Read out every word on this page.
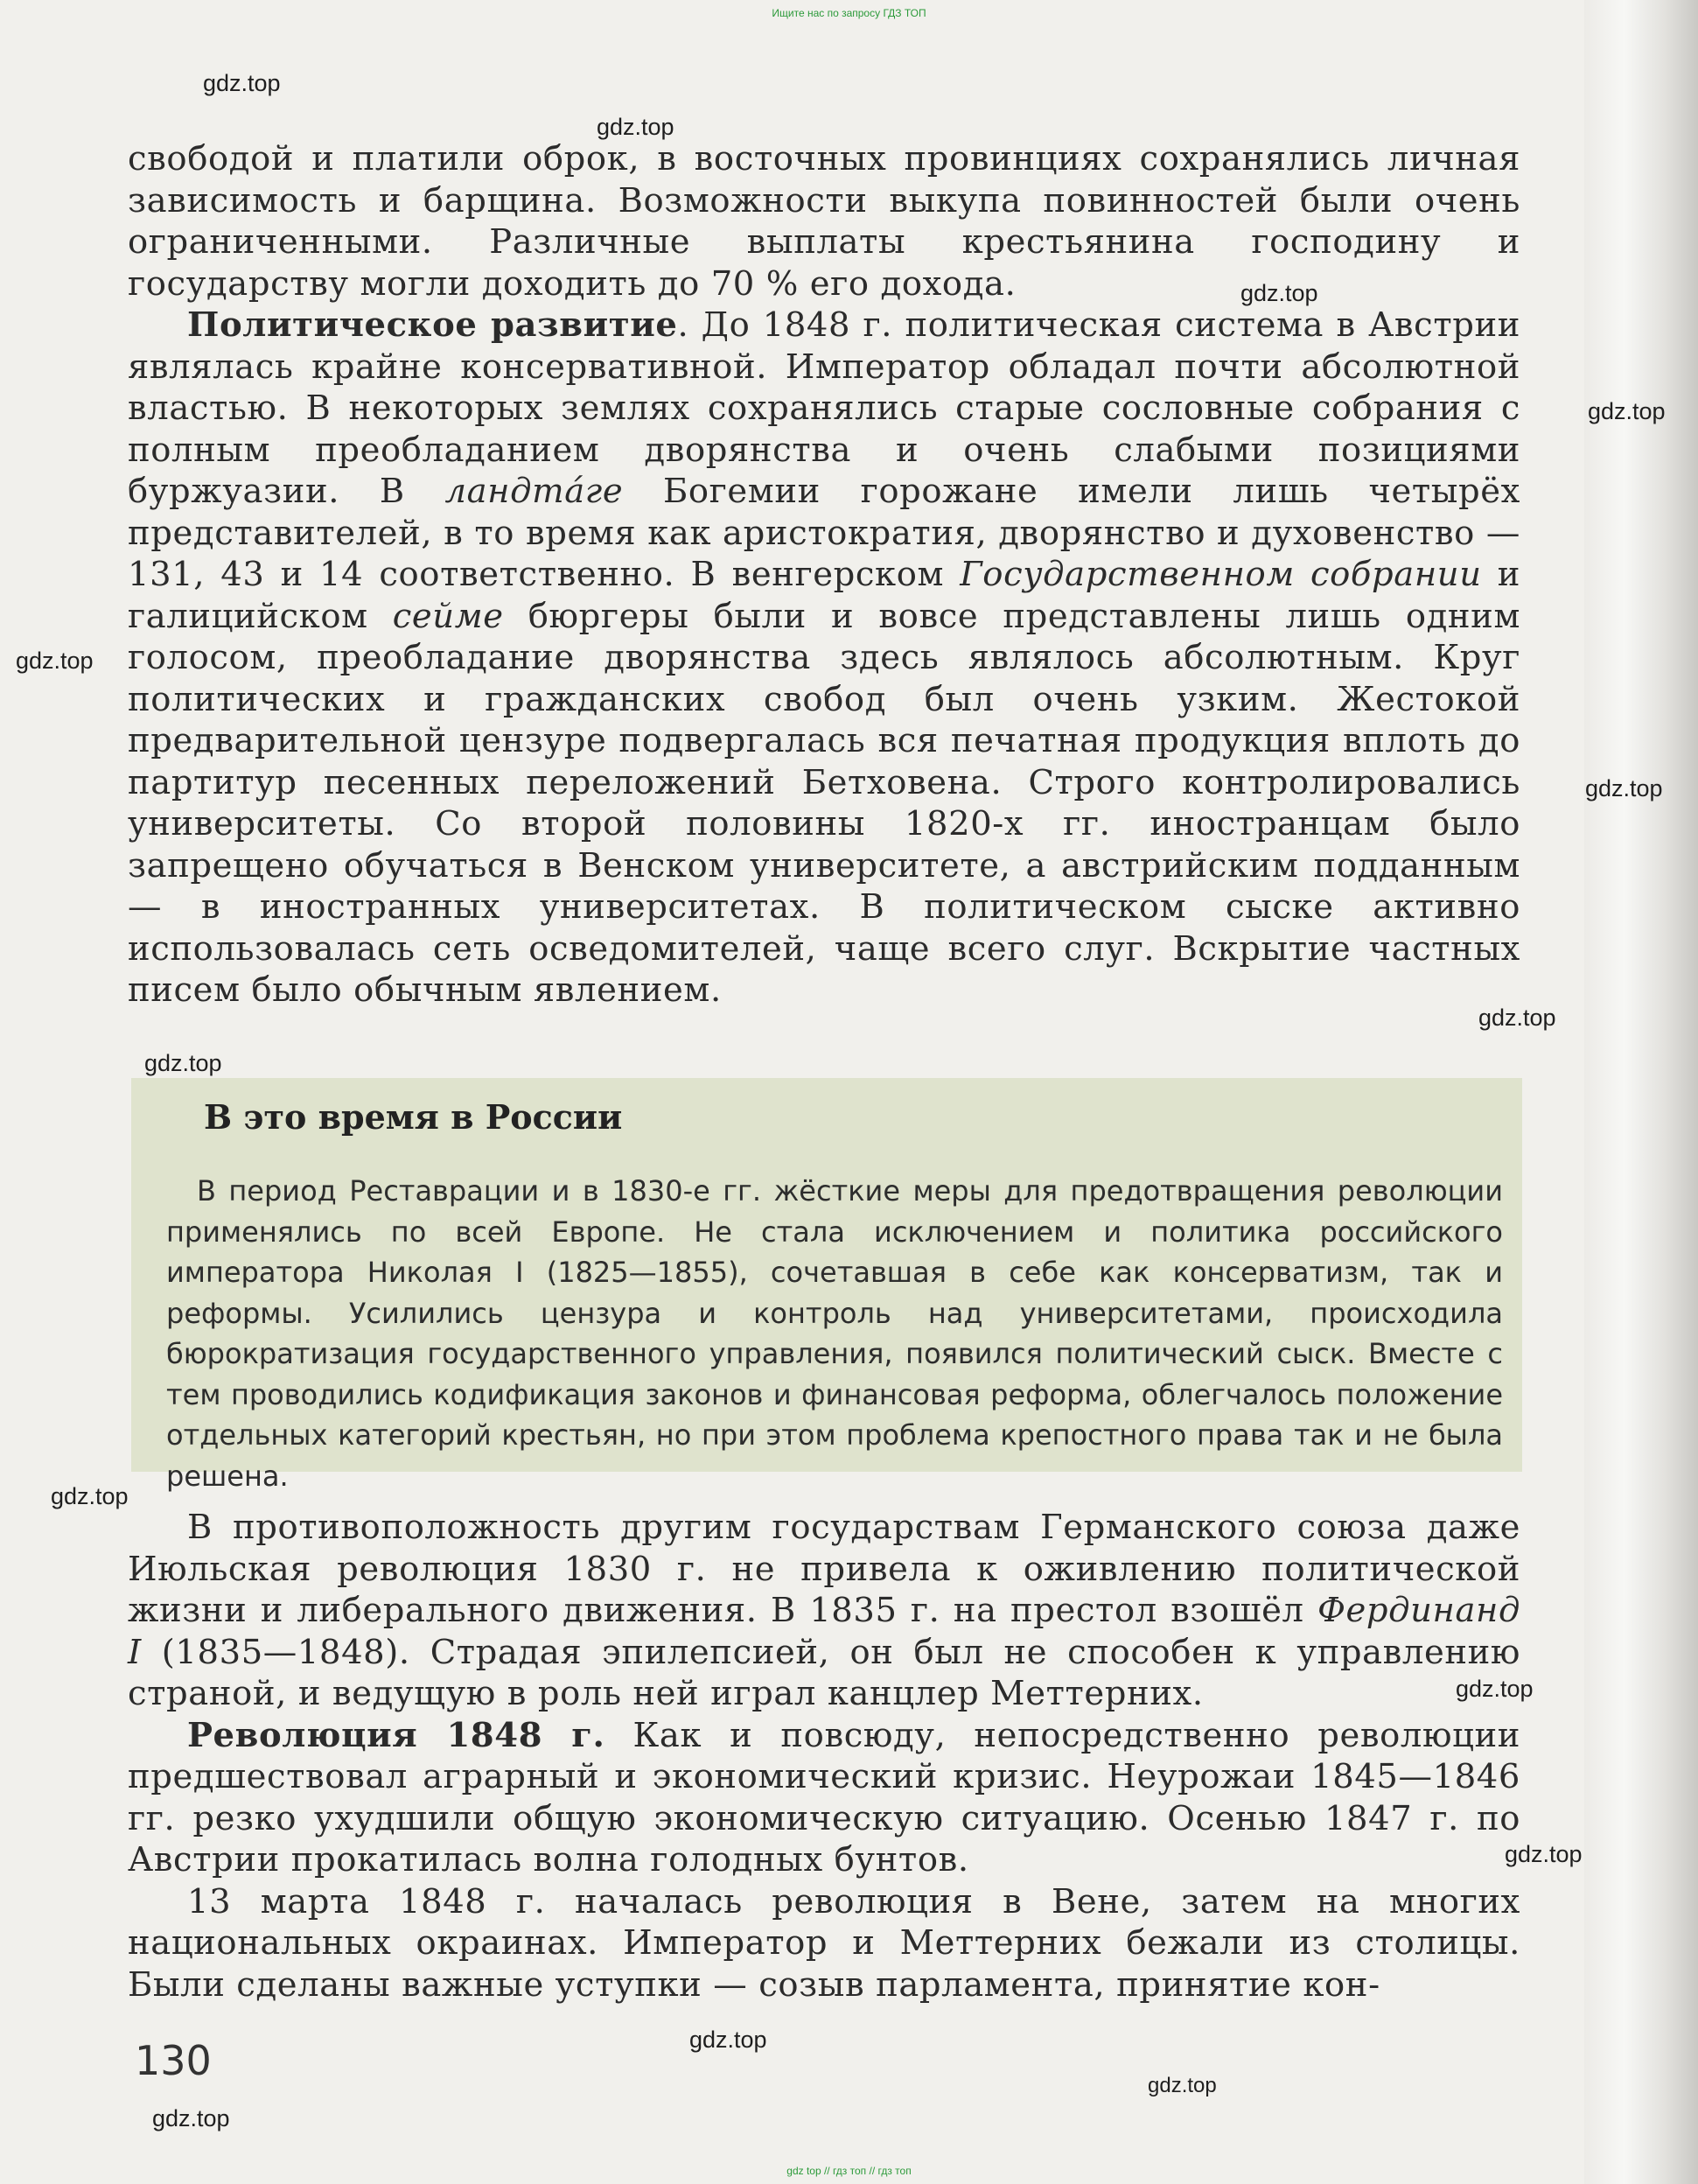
Ищите нас по запросу ГДЗ ТОП
gdz.top
gdz.top
gdz.top
gdz.top
gdz.top
gdz.top
gdz.top
gdz.top
gdz.top
gdz.top
gdz.top
gdz.top
gdz.top
gdz.top

свободой и платили оброк, в восточных провинциях сохранялись личная зависимость и барщина. Возможности выкупа повинностей были очень ограниченными. Различные выплаты крестьянина господину и государству могли доходить до 70 % его дохода.

Политическое развитие. До 1848 г. политическая система в Австрии являлась крайне консервативной. Император обладал почти абсолютной властью. В некоторых землях сохранялись старые сословные собрания с полным преобладанием дворянства и очень слабыми позициями буржуазии. В ландтáге Богемии горожане имели лишь четырёх представителей, в то время как аристократия, дворянство и духовенство — 131, 43 и 14 соответственно. В венгерском Государственном собрании и галицийском сейме бюргеры были и вовсе представлены лишь одним голосом, преобладание дворянства здесь являлось абсолютным. Круг политических и гражданских свобод был очень узким. Жестокой предварительной цензуре подвергалась вся печатная продукция вплоть до партитур песенных переложений Бетховена. Строго контролировались университеты. Со второй половины 1820-х гг. иностранцам было запрещено обучаться в Венском университете, а австрийским подданным — в иностранных университетах. В политическом сыске активно использовалась сеть осведомителей, чаще всего слуг. Вскрытие частных писем было обычным явлением.

В это время в России

В период Реставрации и в 1830-е гг. жёсткие меры для предотвращения революции применялись по всей Европе. Не стала исключением и политика российского императора Николая I (1825—1855), сочетавшая в себе как консерватизм, так и реформы. Усилились цензура и контроль над университетами, происходила бюрократизация государственного управления, появился политический сыск. Вместе с тем проводились кодификация законов и финансовая реформа, облегчалось положение отдельных категорий крестьян, но при этом проблема крепостного права так и не была решена.

В противоположность другим государствам Германского союза даже Июльская революция 1830 г. не привела к оживлению политической жизни и либерального движения. В 1835 г. на престол взошёл Фердинанд I (1835—1848). Страдая эпилепсией, он был не способен к управлению страной, и ведущую в роль ней играл канцлер Меттерних.

Революция 1848 г. Как и повсюду, непосредственно революции предшествовал аграрный и экономический кризис. Неурожаи 1845—1846 гг. резко ухудшили общую экономическую ситуацию. Осенью 1847 г. по Австрии прокатилась волна голодных бунтов.

13 марта 1848 г. началась революция в Вене, затем на многих национальных окраинах. Император и Меттерних бежали из столицы. Были сделаны важные уступки — созыв парламента, принятие кон-

130
gdz top // гдз топ // гдз топ
